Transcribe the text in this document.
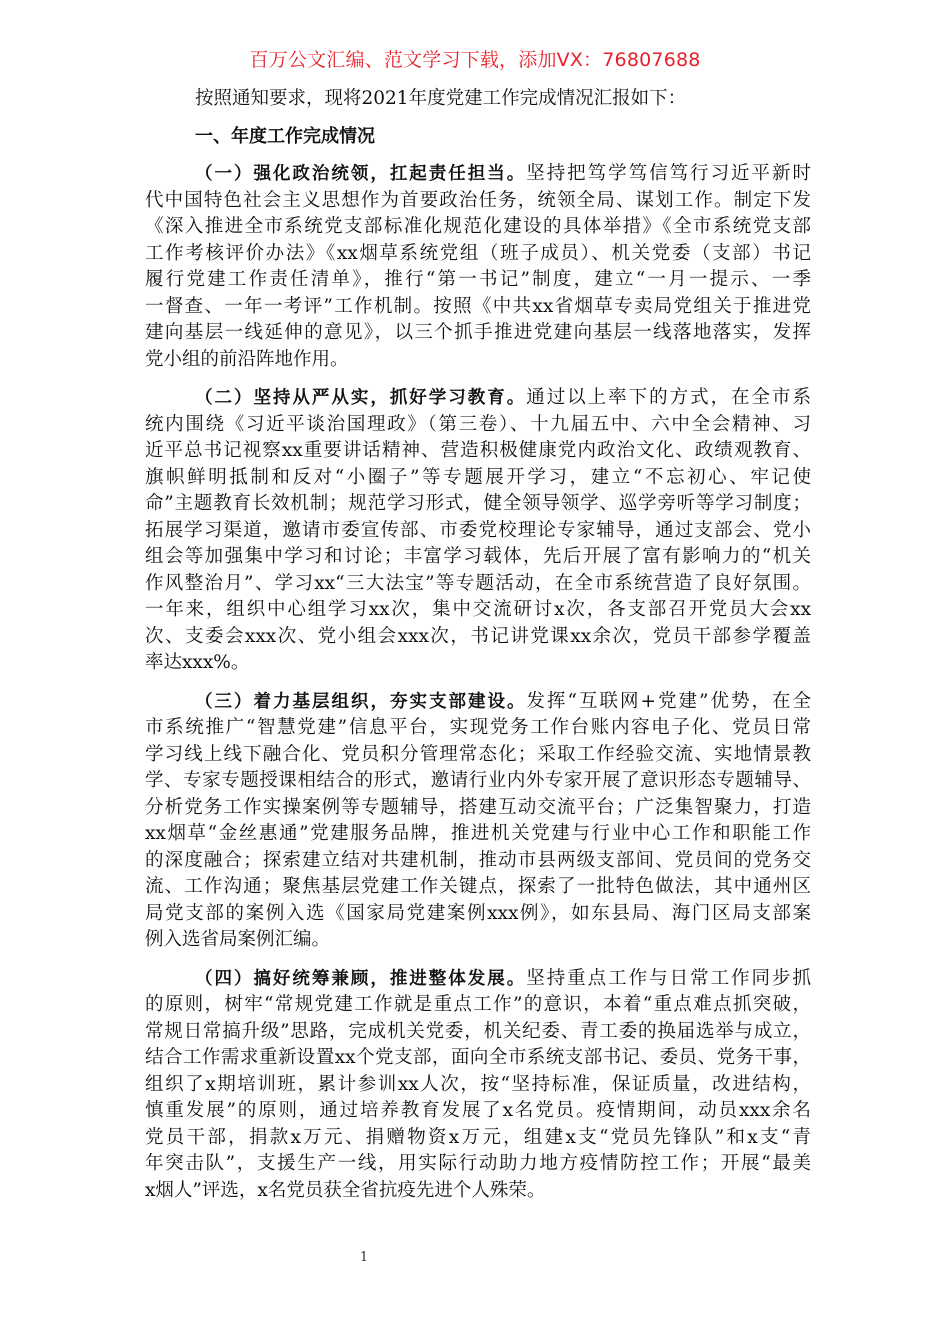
百万公文汇编、范文学习下载，添加VX：76807688
按照通知要求，现将2021年度党建工作完成情况汇报如下：
一、年度工作完成情况
（一）强化政治统领，扛起责任担当。坚持把笃学笃信笃行习近平新时
代中国特色社会主义思想作为首要政治任务，统领全局、谋划工作。制定下发
《深入推进全市系统党支部标准化规范化建设的具体举措》《全市系统党支部
工作考核评价办法》《xx烟草系统党组（班子成员）、机关党委（支部）书记
履行党建工作责任清单》，推行“第一书记”制度，建立“一月一提示、一季
一督查、一年一考评”工作机制。按照《中共xx省烟草专卖局党组关于推进党
建向基层一线延伸的意见》，以三个抓手推进党建向基层一线落地落实，发挥
党小组的前沿阵地作用。
（二）坚持从严从实，抓好学习教育。通过以上率下的方式，在全市系
统内围绕《习近平谈治国理政》（第三卷）、十九届五中、六中全会精神、习
近平总书记视察xx重要讲话精神、营造积极健康党内政治文化、政绩观教育、
旗帜鲜明抵制和反对“小圈子”等专题展开学习，建立“不忘初心、牢记使
命”主题教育长效机制；规范学习形式，健全领导领学、巡学旁听等学习制度；
拓展学习渠道，邀请市委宣传部、市委党校理论专家辅导，通过支部会、党小
组会等加强集中学习和讨论；丰富学习载体，先后开展了富有影响力的“机关
作风整治月”、学习xx“三大法宝”等专题活动，在全市系统营造了良好氛围。
一年来，组织中心组学习xx次，集中交流研讨x次，各支部召开党员大会xx
次、支委会xxx次、党小组会xxx次，书记讲党课xx余次，党员干部参学覆盖
率达xxx%。
（三）着力基层组织，夯实支部建设。发挥“互联网+党建”优势，在全
市系统推广“智慧党建”信息平台，实现党务工作台账内容电子化、党员日常
学习线上线下融合化、党员积分管理常态化；采取工作经验交流、实地情景教
学、专家专题授课相结合的形式，邀请行业内外专家开展了意识形态专题辅导、
分析党务工作实操案例等专题辅导，搭建互动交流平台；广泛集智聚力，打造
xx烟草“金丝惠通”党建服务品牌，推进机关党建与行业中心工作和职能工作
的深度融合；探索建立结对共建机制，推动市县两级支部间、党员间的党务交
流、工作沟通；聚焦基层党建工作关键点，探索了一批特色做法，其中通州区
局党支部的案例入选《国家局党建案例xxx例》，如东县局、海门区局支部案
例入选省局案例汇编。
（四）搞好统筹兼顾，推进整体发展。坚持重点工作与日常工作同步抓
的原则，树牢“常规党建工作就是重点工作”的意识，本着“重点难点抓突破，
常规日常搞升级”思路，完成机关党委，机关纪委、青工委的换届选举与成立，
结合工作需求重新设置xx个党支部，面向全市系统支部书记、委员、党务干事，
组织了x期培训班，累计参训xx人次，按“坚持标准，保证质量，改进结构，
慎重发展”的原则，通过培养教育发展了x名党员。疫情期间，动员xxx余名
党员干部，捐款x万元、捐赠物资x万元，组建x支“党员先锋队”和x支“青
年突击队”，支援生产一线，用实际行动助力地方疫情防控工作；开展“最美
x烟人”评选，x名党员获全省抗疫先进个人殊荣。
1
